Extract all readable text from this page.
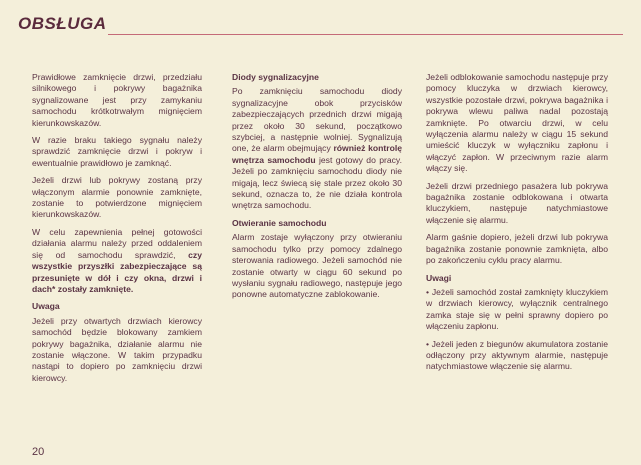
OBSŁUGA

Prawidłowe zamknięcie drzwi, przedziału silnikowego i pokrywy bagażnika sygnalizowane jest przy zamykaniu samochodu krótkotrwałym mignięciem kierunkowskazów.

W razie braku takiego sygnału należy sprawdzić zamknięcie drzwi i pokryw i ewentualnie prawidłowo je zamknąć.

Jeżeli drzwi lub pokrywy zostaną przy włączonym alarmie ponownie zamknięte, zostanie to potwierdzone mignięciem kierunkowskazów.

W celu zapewnienia pełnej gotowości działania alarmu należy przed oddaleniem się od samochodu sprawdzić, czy wszystkie przyszłki zabezpieczające są przesunięte w dół i czy okna, drzwi i dach* zostały zamknięte.

Uwaga

Jeżeli przy otwartych drzwiach kierowcy samochód będzie blokowany zamkiem pokrywy bagażnika, działanie alarmu nie zostanie włączone. W takim przypadku nastąpi to dopiero po zamknięciu drzwi kierowcy.

Diody sygnalizacyjne

Po zamknięciu samochodu diody sygnalizacyjne obok przycisków zabezpieczających przednich drzwi migają przez około 30 sekund, początkowo szybciej, a następnie wolniej. Sygnalizują one, że alarm obejmujący również kontrolę wnętrza samochodu jest gotowy do pracy. Jeżeli po zamknięciu samochodu diody nie migają, lecz świecą się stale przez około 30 sekund, oznacza to, że nie działa kontrola wnętrza samochodu.

Otwieranie samochodu

Alarm zostaje wyłączony przy otwieraniu samochodu tylko przy pomocy zdalnego sterowania radiowego. Jeżeli samochód nie zostanie otwarty w ciągu 60 sekund po wysłaniu sygnału radiowego, następuje jego ponowne automatyczne zablokowanie.

Jeżeli odblokowanie samochodu następuje przy pomocy kluczyka w drzwiach kierowcy, wszystkie pozostałe drzwi, pokrywa bagażnika i pokrywa wlewu paliwa nadal pozostają zamknięte. Po otwarciu drzwi, w celu wyłączenia alarmu należy w ciągu 15 sekund umieścić kluczyk w wyłączniku zapłonu i włączyć zapłon. W przeciwnym razie alarm włączy się.

Jeżeli drzwi przedniego pasażera lub pokrywa bagażnika zostanie odblokowana i otwarta kluczykiem, następuje natychmiastowe włączenie się alarmu.

Alarm gaśnie dopiero, jeżeli drzwi lub pokrywa bagażnika zostanie ponownie zamknięta, albo po zakończeniu cyklu pracy alarmu.

Uwagi

• Jeżeli samochód został zamknięty kluczykiem w drzwiach kierowcy, wyłącznik centralnego zamka staje się w pełni sprawny dopiero po włączeniu zapłonu.
• Jeżeli jeden z biegunów akumulatora zostanie odłączony przy aktywnym alarmie, następuje natychmiastowe włączenie się alarmu.
20
